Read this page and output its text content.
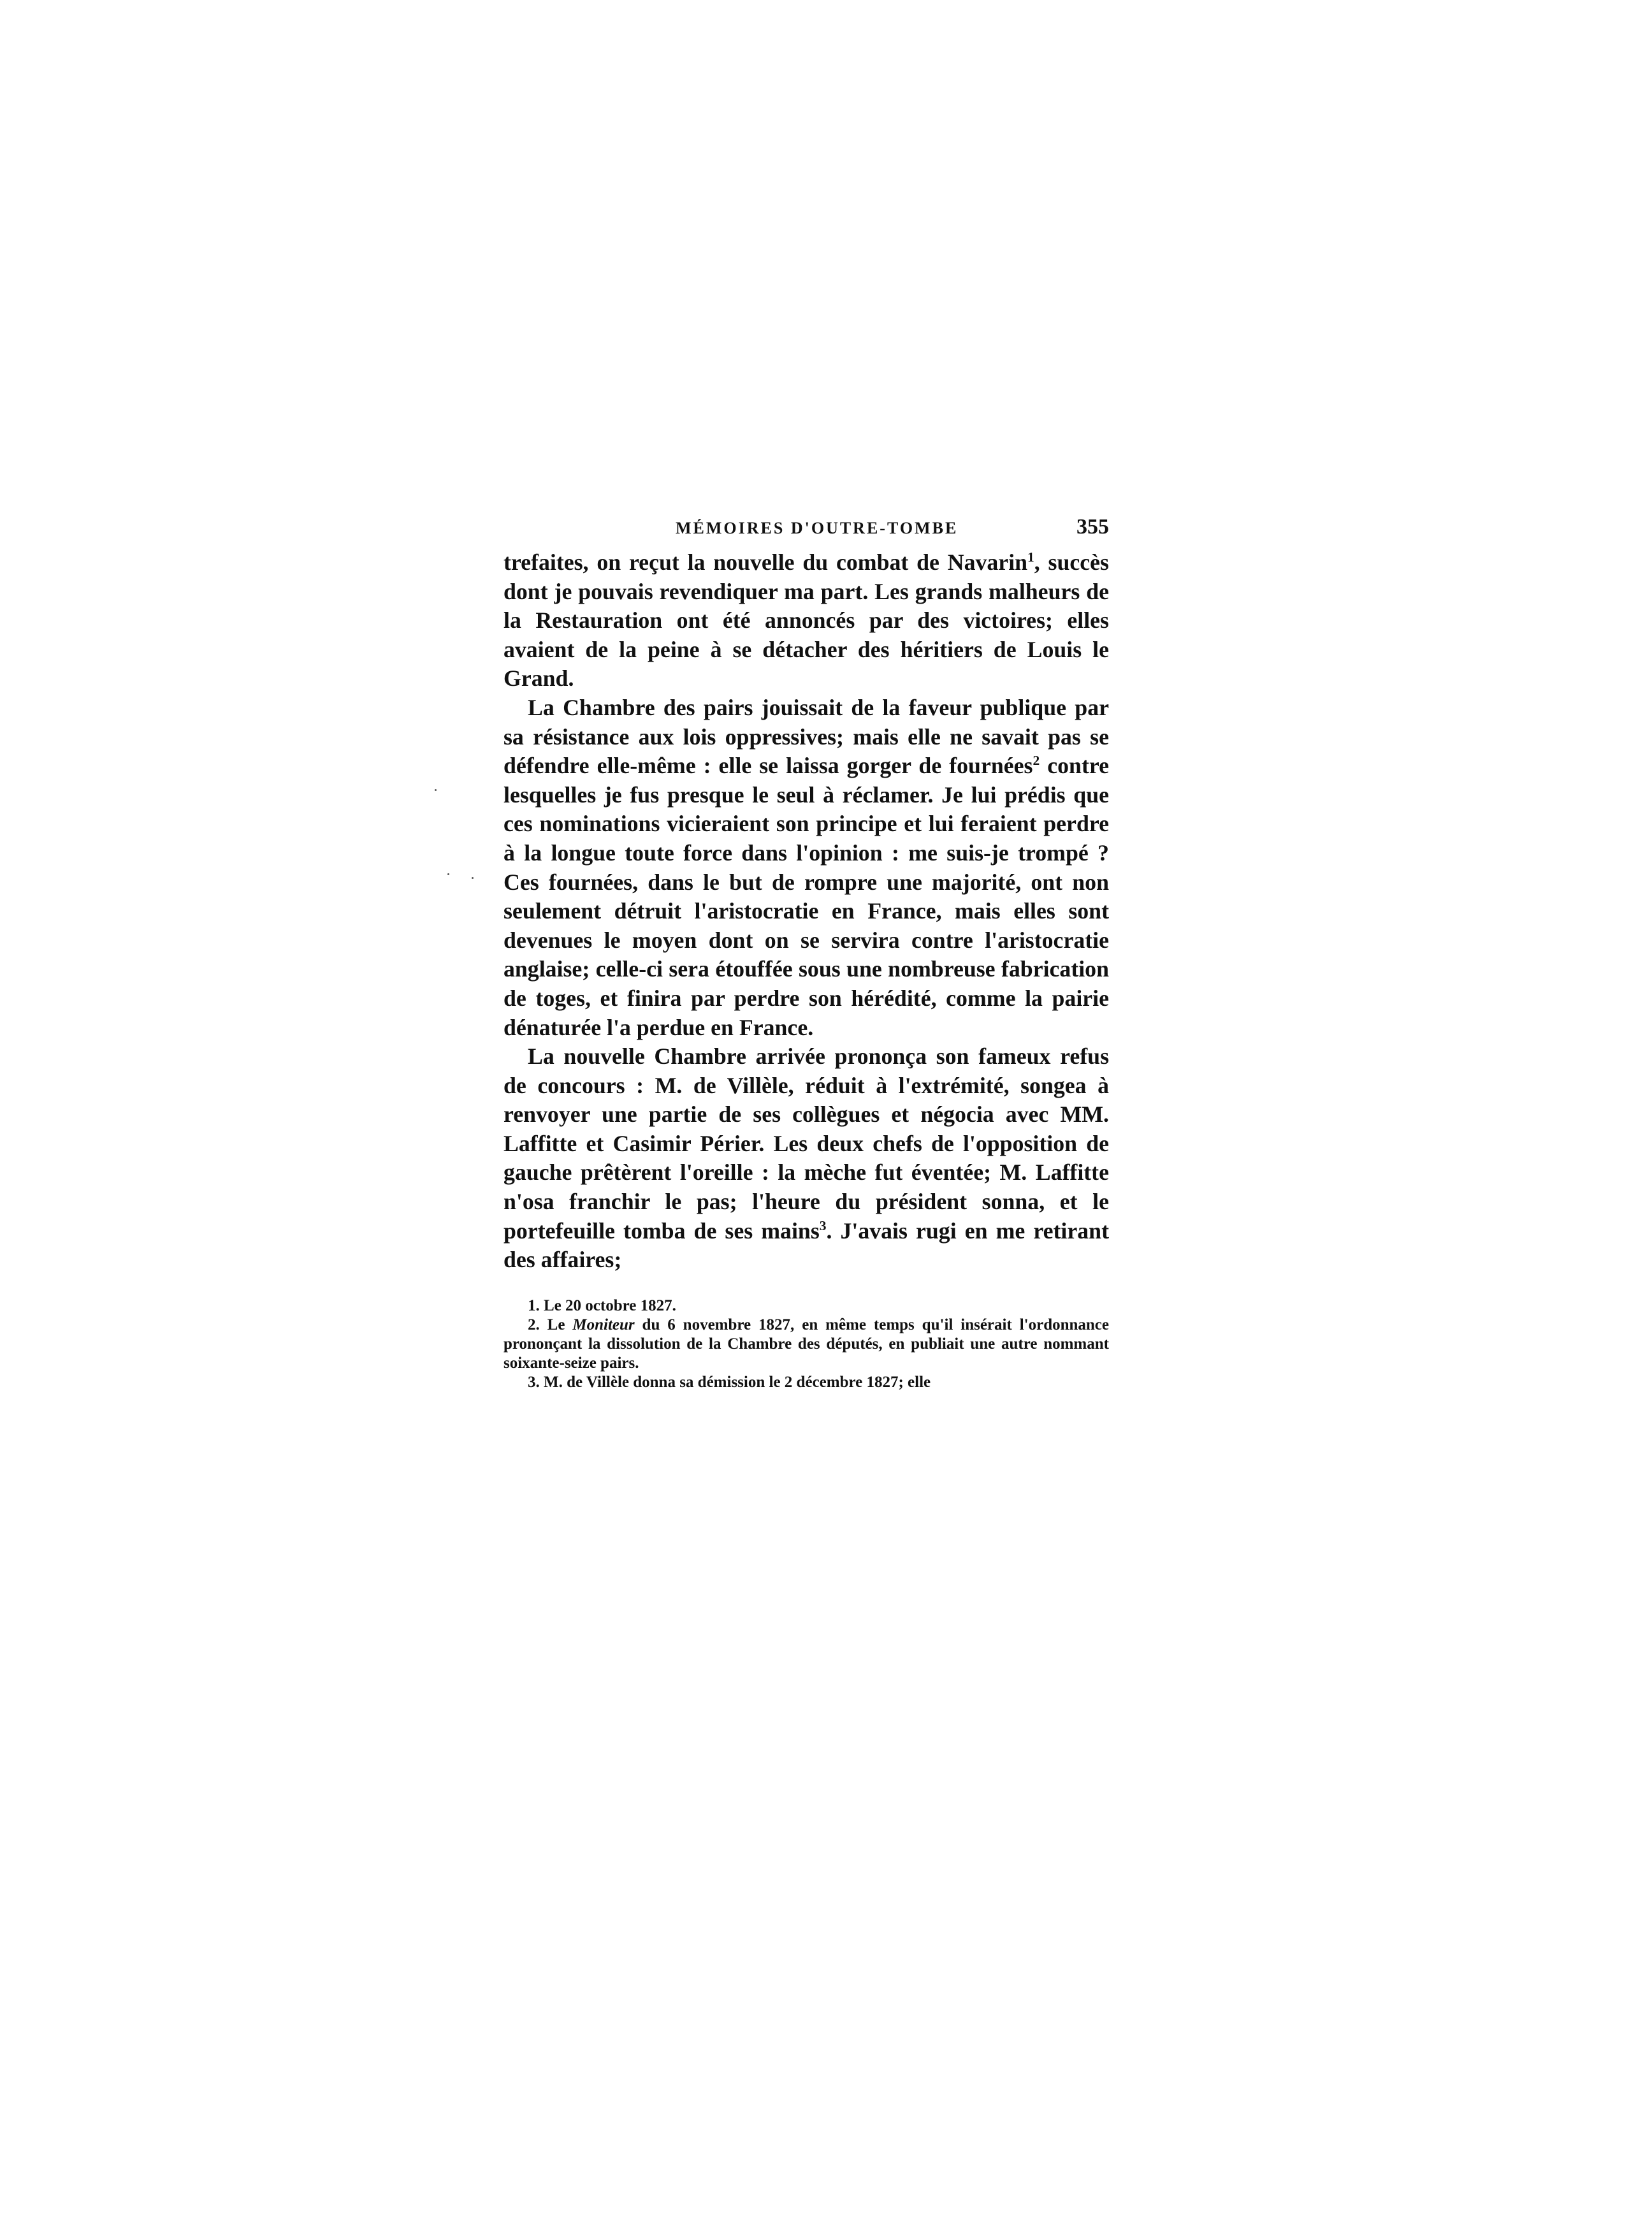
MÉMOIRES D'OUTRE-TOMBE	355

trefaites, on reçut la nouvelle du combat de Navarin$^1$, succès dont je pouvais revendiquer ma part. Les grands malheurs de la Restauration ont été annoncés par des victoires; elles avaient de la peine à se détacher des héritiers de Louis le Grand.

La Chambre des pairs jouissait de la faveur publique par sa résistance aux lois oppressives; mais elle ne savait pas se défendre elle-même : elle se laissa gorger de fournées$^2$ contre lesquelles je fus presque le seul à réclamer. Je lui prédis que ces nominations vicieraient son principe et lui feraient perdre à la longue toute force dans l'opinion : me suis-je trompé ? Ces fournées, dans le but de rompre une majorité, ont non seulement détruit l'aristocratie en France, mais elles sont devenues le moyen dont on se servira contre l'aristocratie anglaise; celle-ci sera étouffée sous une nombreuse fabrication de toges, et finira par perdre son hérédité, comme la pairie dénaturée l'a perdue en France.

La nouvelle Chambre arrivée prononça son fameux refus de concours : M. de Villèle, réduit à l'extrémité, songea à renvoyer une partie de ses collègues et négocia avec MM. Laffitte et Casimir Périer. Les deux chefs de l'opposition de gauche prêtèrent l'oreille : la mèche fut éventée; M. Laffitte n'osa franchir le pas; l'heure du président sonna, et le portefeuille tomba de ses mains$^3$. J'avais rugi en me retirant des affaires;

1. Le 20 octobre 1827.

2. Le Moniteur du 6 novembre 1827, en même temps qu'il insérait l'ordonnance prononçant la dissolution de la Chambre des députés, en publiait une autre nommant soixante-seize pairs.

3. M. de Villèle donna sa démission le 2 décembre 1827; elle
